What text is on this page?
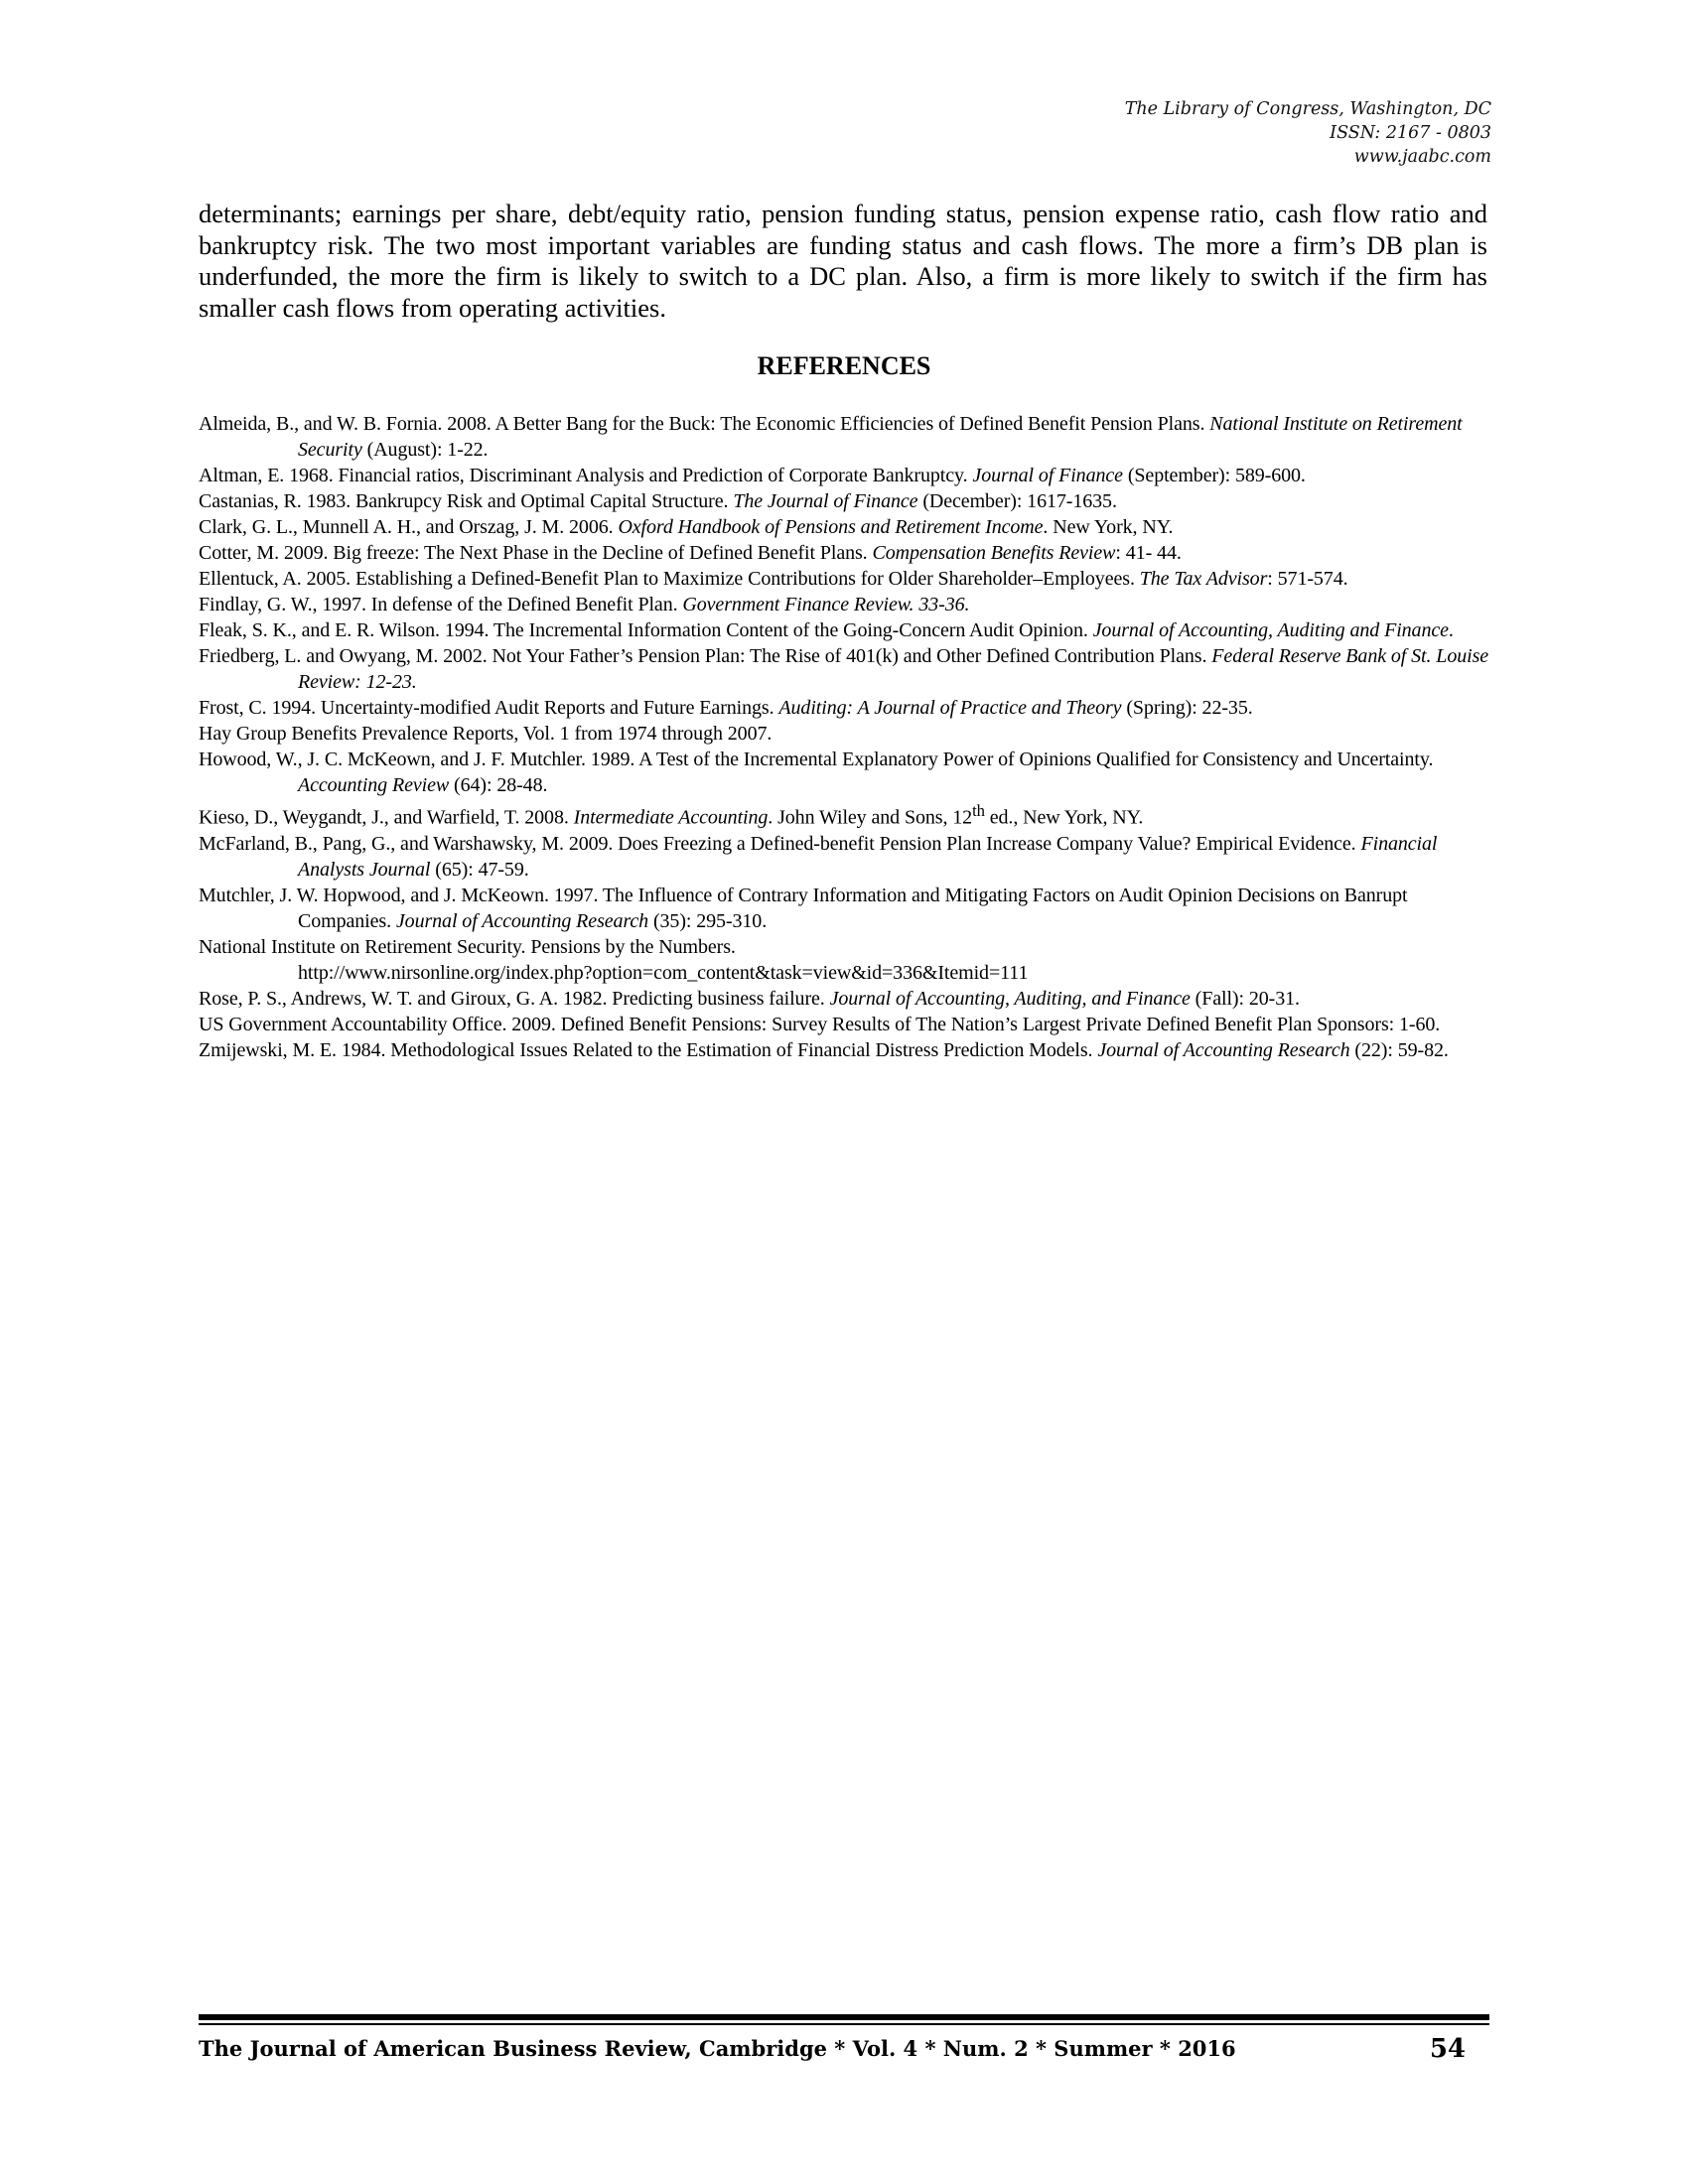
The Library of Congress, Washington, DC
ISSN: 2167 - 0803
www.jaabc.com

determinants; earnings per share, debt/equity ratio, pension funding status, pension expense ratio, cash flow ratio and bankruptcy risk. The two most important variables are funding status and cash flows. The more a firm’s DB plan is underfunded, the more the firm is likely to switch to a DC plan. Also, a firm is more likely to switch if the firm has smaller cash flows from operating activities.

REFERENCES
Almeida, B., and W. B. Fornia. 2008. A Better Bang for the Buck: The Economic Efficiencies of Defined Benefit Pension Plans. National Institute on Retirement Security (August): 1-22.
Altman, E. 1968. Financial ratios, Discriminant Analysis and Prediction of Corporate Bankruptcy. Journal of Finance (September): 589-600.
Castanias, R. 1983. Bankrupcy Risk and Optimal Capital Structure. The Journal of Finance (December): 1617-1635.
Clark, G. L., Munnell A. H., and Orszag, J. M. 2006. Oxford Handbook of Pensions and Retirement Income. New York, NY.
Cotter, M. 2009. Big freeze: The Next Phase in the Decline of Defined Benefit Plans. Compensation Benefits Review: 41- 44.
Ellentuck, A. 2005. Establishing a Defined-Benefit Plan to Maximize Contributions for Older Shareholder–Employees. The Tax Advisor: 571-574.
Findlay, G. W., 1997. In defense of the Defined Benefit Plan. Government Finance Review. 33-36.
Fleak, S. K., and E. R. Wilson. 1994. The Incremental Information Content of the Going-Concern Audit Opinion. Journal of Accounting, Auditing and Finance.
Friedberg, L. and Owyang, M. 2002. Not Your Father’s Pension Plan: The Rise of 401(k) and Other Defined Contribution Plans. Federal Reserve Bank of St. Louise Review: 12-23.
Frost, C. 1994. Uncertainty-modified Audit Reports and Future Earnings. Auditing: A Journal of Practice and Theory (Spring): 22-35.
Hay Group Benefits Prevalence Reports, Vol. 1 from 1974 through 2007.
Howood, W., J. C. McKeown, and J. F. Mutchler. 1989. A Test of the Incremental Explanatory Power of Opinions Qualified for Consistency and Uncertainty. Accounting Review (64): 28-48.
Kieso, D., Weygandt, J., and Warfield, T. 2008. Intermediate Accounting. John Wiley and Sons, 12th ed., New York, NY.
McFarland, B., Pang, G., and Warshawsky, M. 2009. Does Freezing a Defined-benefit Pension Plan Increase Company Value? Empirical Evidence. Financial Analysts Journal (65): 47-59.
Mutchler, J. W. Hopwood, and J. McKeown. 1997. The Influence of Contrary Information and Mitigating Factors on Audit Opinion Decisions on Banrupt Companies. Journal of Accounting Research (35): 295-310.
National Institute on Retirement Security. Pensions by the Numbers.
http://www.nirsonline.org/index.php?option=com_content&task=view&id=336&Itemid=111
Rose, P. S., Andrews, W. T. and Giroux, G. A. 1982. Predicting business failure. Journal of Accounting, Auditing, and Finance (Fall): 20-31.
US Government Accountability Office. 2009. Defined Benefit Pensions: Survey Results of The Nation’s Largest Private Defined Benefit Plan Sponsors: 1-60.
Zmijewski, M. E. 1984. Methodological Issues Related to the Estimation of Financial Distress Prediction Models. Journal of Accounting Research (22): 59-82.
The Journal of American Business Review, Cambridge * Vol. 4 * Num. 2 * Summer * 2016	54
